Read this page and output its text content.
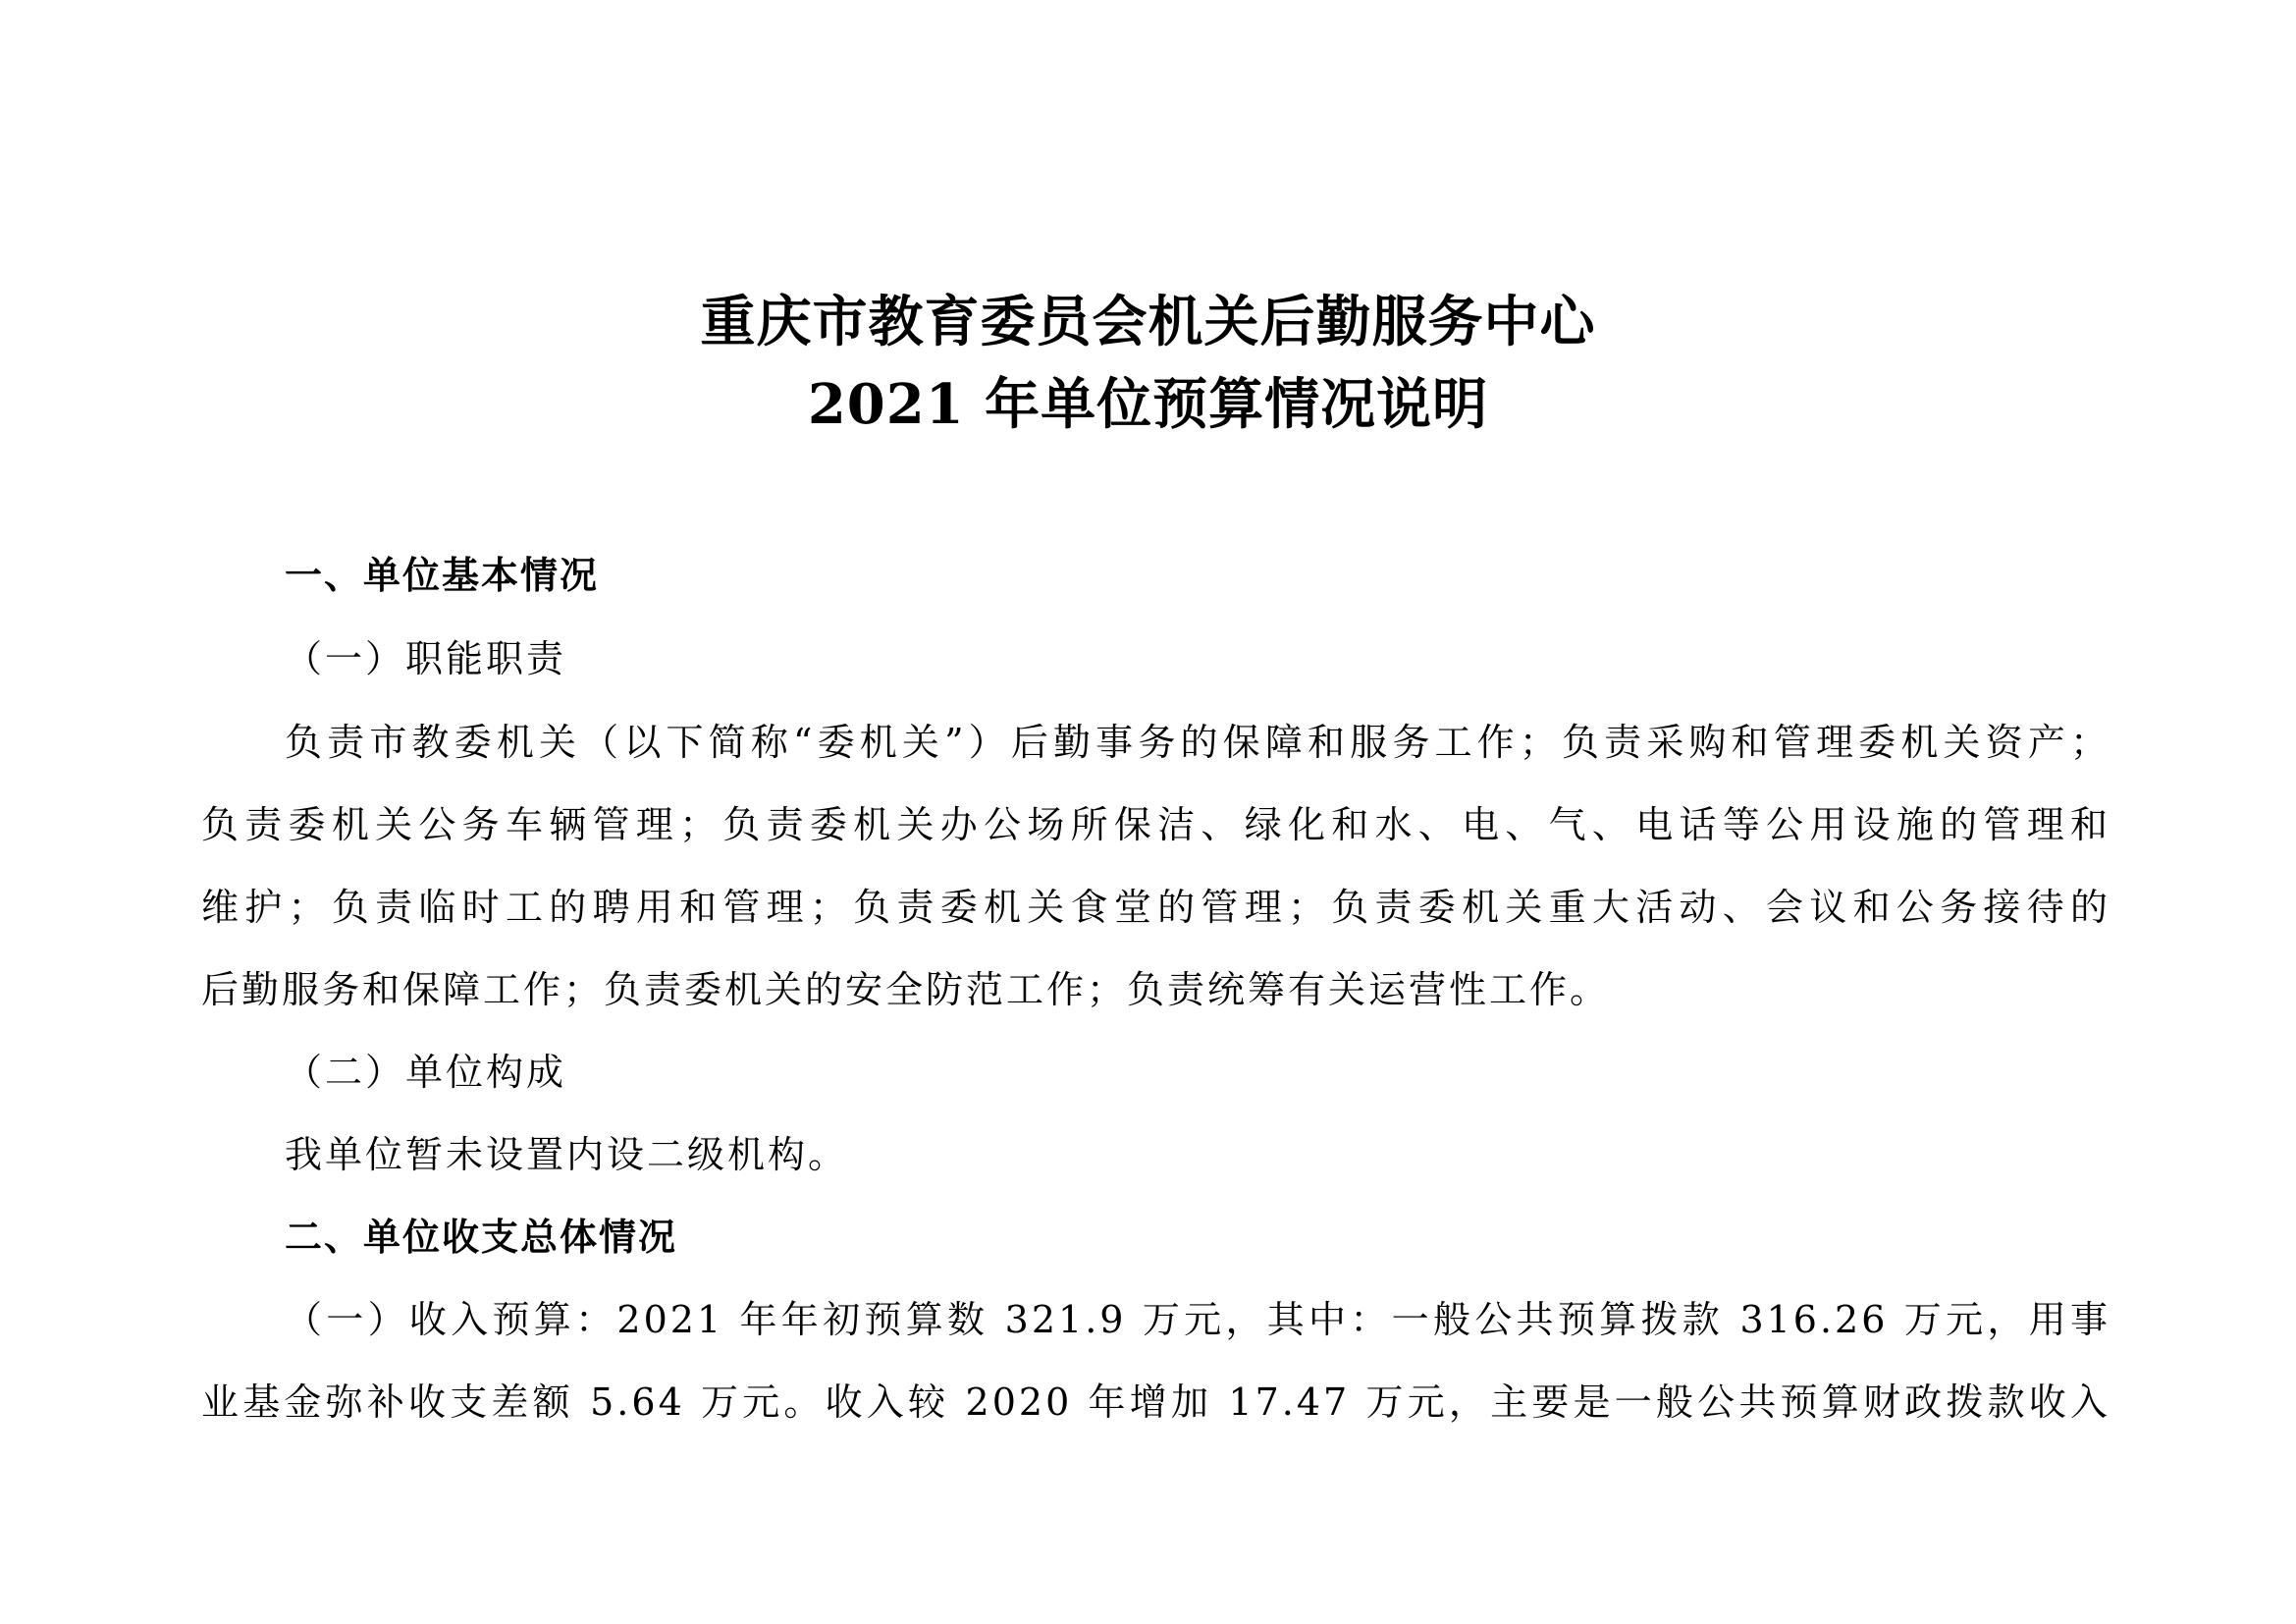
重庆市教育委员会机关后勤服务中心
2021 年单位预算情况说明
一、单位基本情况
（一）职能职责
负责市教委机关（以下简称“委机关”）后勤事务的保障和服务工作；负责采购和管理委机关资产；
负责委机关公务车辆管理；负责委机关办公场所保洁、绿化和水、电、气、电话等公用设施的管理和
维护；负责临时工的聘用和管理；负责委机关食堂的管理；负责委机关重大活动、会议和公务接待的
后勤服务和保障工作；负责委机关的安全防范工作；负责统筹有关运营性工作。
（二）单位构成
我单位暂未设置内设二级机构。
二、单位收支总体情况
（一）收入预算：2021 年年初预算数 321.9 万元，其中：一般公共预算拨款 316.26 万元，用事
业基金弥补收支差额 5.64 万元。收入较 2020 年增加 17.47 万元，主要是一般公共预算财政拨款收入
